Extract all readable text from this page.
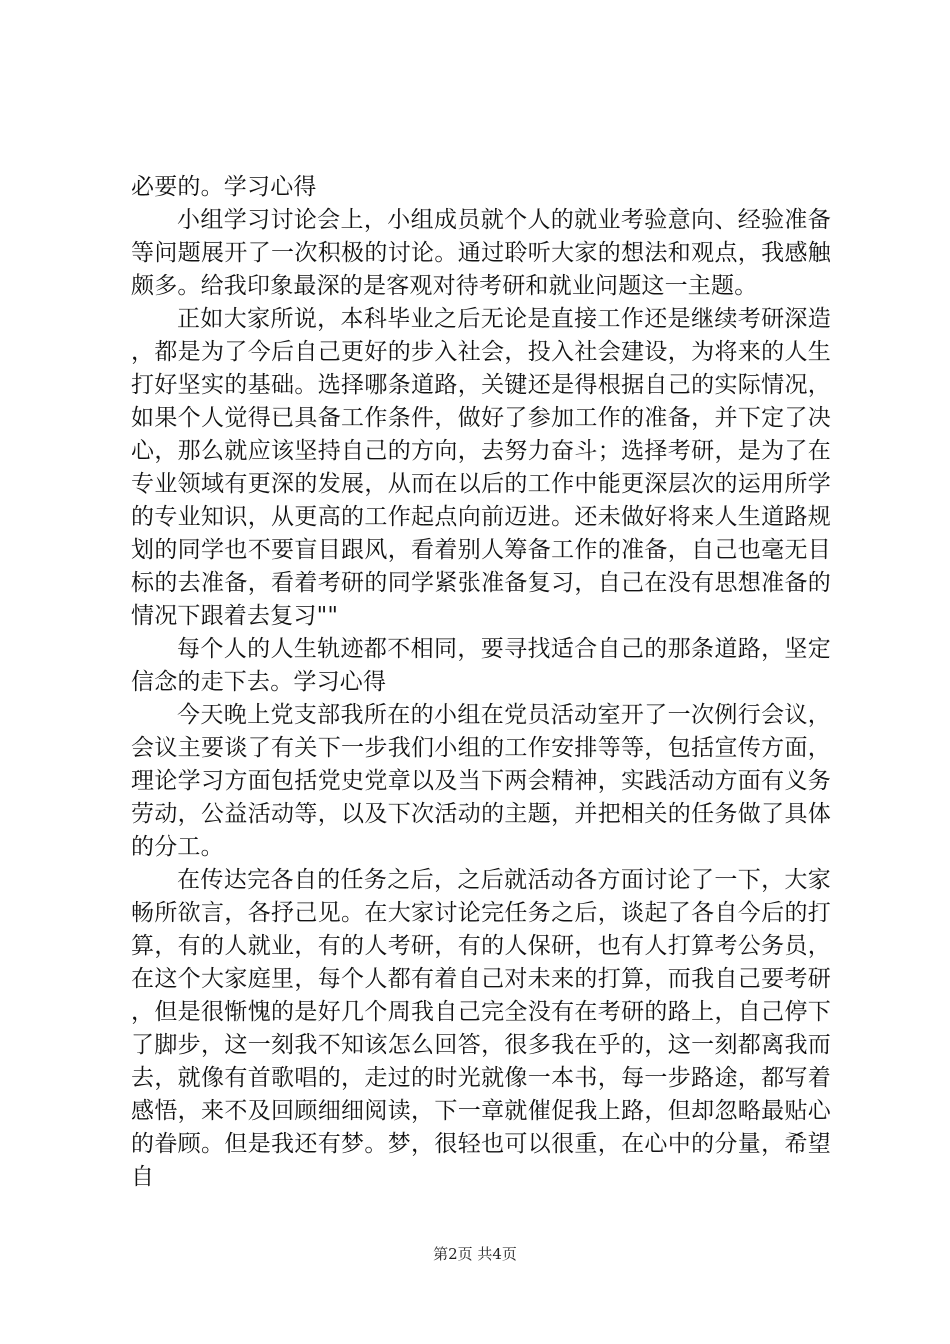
必要的。学习心得

小组学习讨论会上，小组成员就个人的就业考验意向、经验准备等问题展开了一次积极的讨论。通过聆听大家的想法和观点，我感触颇多。给我印象最深的是客观对待考研和就业问题这一主题。

正如大家所说，本科毕业之后无论是直接工作还是继续考研深造，都是为了今后自己更好的步入社会，投入社会建设，为将来的人生打好坚实的基础。选择哪条道路，关键还是得根据自己的实际情况，如果个人觉得已具备工作条件，做好了参加工作的准备，并下定了决心，那么就应该坚持自己的方向，去努力奋斗；选择考研，是为了在专业领域有更深的发展，从而在以后的工作中能更深层次的运用所学的专业知识，从更高的工作起点向前迈进。还未做好将来人生道路规划的同学也不要盲目跟风，看着别人筹备工作的准备，自己也毫无目标的去准备，看着考研的同学紧张准备复习，自己在没有思想准备的情况下跟着去复习""

每个人的人生轨迹都不相同，要寻找适合自己的那条道路，坚定信念的走下去。学习心得

今天晚上党支部我所在的小组在党员活动室开了一次例行会议，会议主要谈了有关下一步我们小组的工作安排等等，包括宣传方面，理论学习方面包括党史党章以及当下两会精神，实践活动方面有义务劳动，公益活动等，以及下次活动的主题，并把相关的任务做了具体的分工。

在传达完各自的任务之后，之后就活动各方面讨论了一下，大家畅所欲言，各抒己见。在大家讨论完任务之后，谈起了各自今后的打算，有的人就业，有的人考研，有的人保研，也有人打算考公务员，在这个大家庭里，每个人都有着自己对未来的打算，而我自己要考研，但是很惭愧的是好几个周我自己完全没有在考研的路上，自己停下了脚步，这一刻我不知该怎么回答，很多我在乎的，这一刻都离我而去，就像有首歌唱的，走过的时光就像一本书，每一步路途，都写着感悟，来不及回顾细细阅读，下一章就催促我上路，但却忽略最贴心的眷顾。但是我还有梦。梦，很轻也可以很重，在心中的分量，希望自

第2页 共4页
